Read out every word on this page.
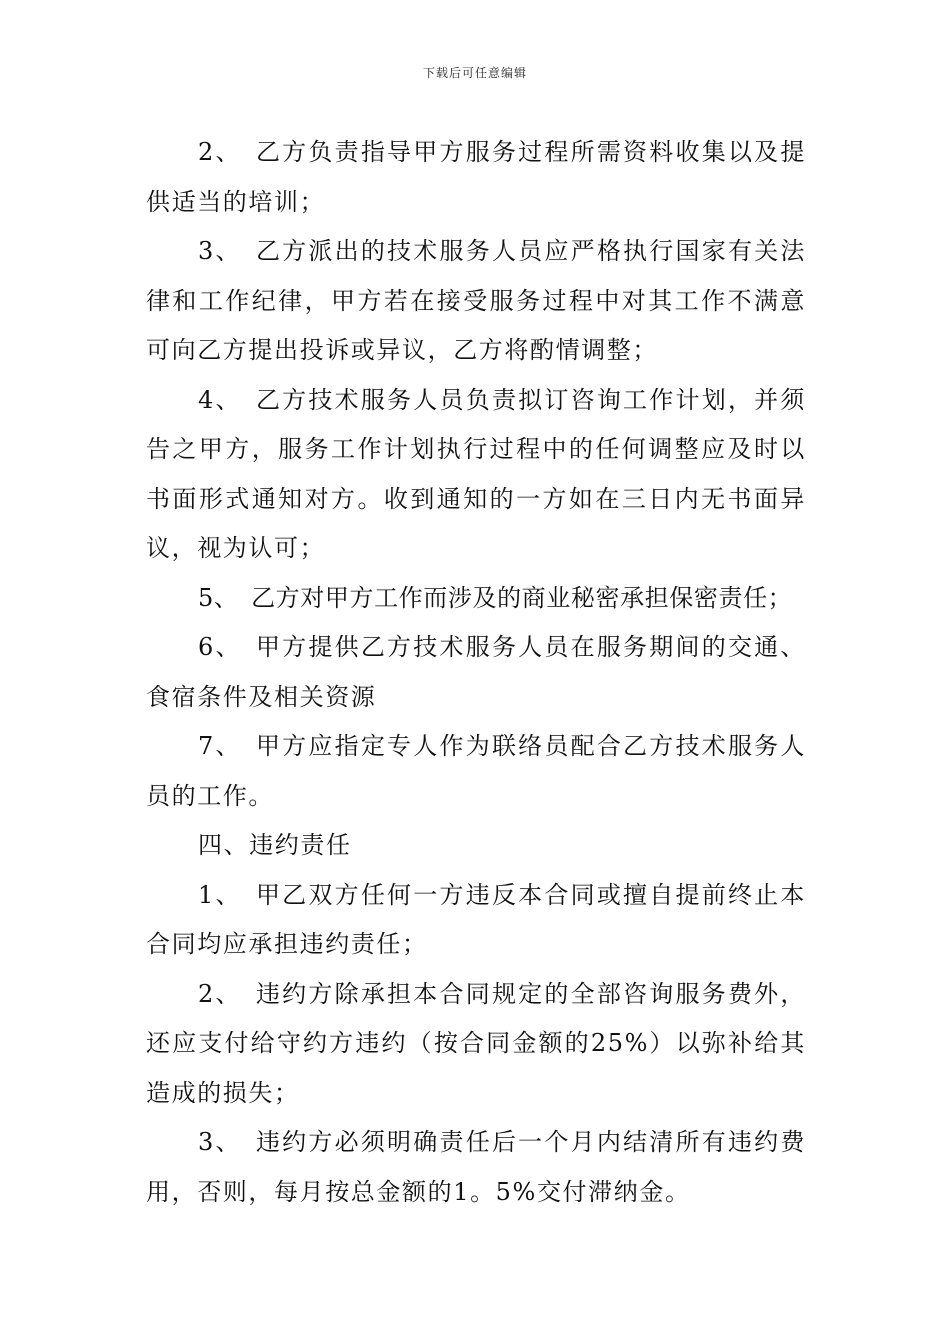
下载后可任意编辑

2、　乙方负责指导甲方服务过程所需资料收集以及提供适当的培训；

3、　乙方派出的技术服务人员应严格执行国家有关法律和工作纪律，甲方若在接受服务过程中对其工作不满意可向乙方提出投诉或异议，乙方将酌情调整；

4、　乙方技术服务人员负责拟订咨询工作计划，并须告之甲方，服务工作计划执行过程中的任何调整应及时以书面形式通知对方。收到通知的一方如在三日内无书面异议，视为认可；

5、　乙方对甲方工作而涉及的商业秘密承担保密责任；

6、　甲方提供乙方技术服务人员在服务期间的交通、食宿条件及相关资源

7、　甲方应指定专人作为联络员配合乙方技术服务人员的工作。

四、违约责任

1、　甲乙双方任何一方违反本合同或擅自提前终止本合同均应承担违约责任；

2、　违约方除承担本合同规定的全部咨询服务费外，还应支付给守约方违约（按合同金额的25%）以弥补给其造成的损失；

3、　违约方必须明确责任后一个月内结清所有违约费用，否则，每月按总金额的1。5%交付滞纳金。
